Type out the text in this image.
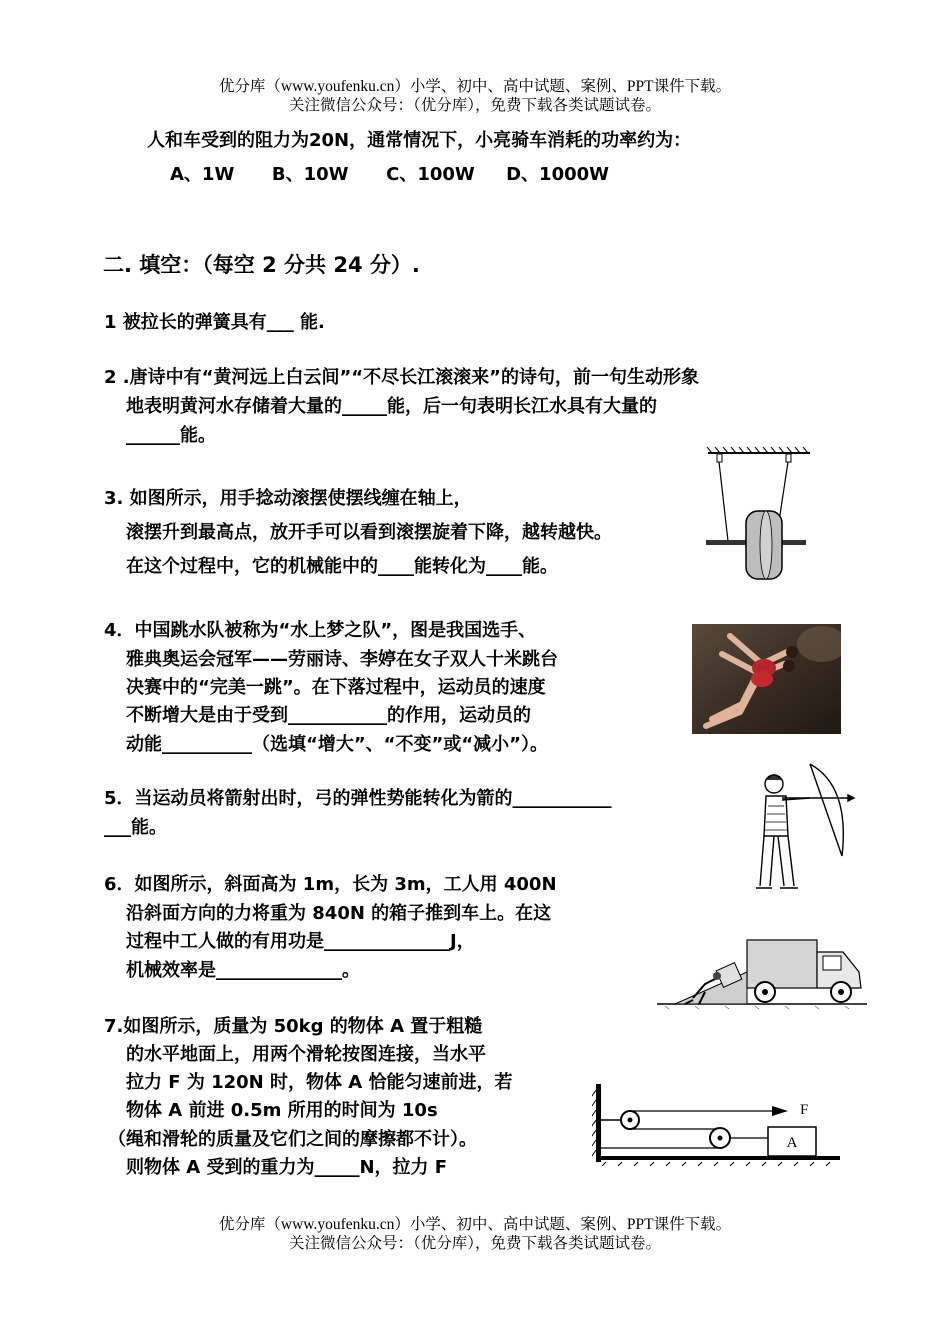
优分库（www.youfenku.cn）小学、初中、高中试题、案例、PPT课件下载。
关注微信公众号：（优分库），免费下载各类试题试卷。
人和车受到的阻力为20N，通常情况下，小亮骑车消耗的功率约为：
A、1W      B、10W      C、100W     D、1000W
二. 填空：（每空 2 分共 24 分）.
1 被拉长的弹簧具有___ 能.
2 .唐诗中有“黄河远上白云间”“不尽长江滚滚来”的诗句，前一句生动形象
地表明黄河水存储着大量的_____能，后一句表明长江水具有大量的
______能。
3. 如图所示，用手捻动滚摆使摆线缠在轴上，
滚摆升到最高点，放开手可以看到滚摆旋着下降，越转越快。
在这个过程中，它的机械能中的____能转化为____能。
4．中国跳水队被称为“水上梦之队”，图是我国选手、
雅典奥运会冠军——劳丽诗、李婷在女子双人十米跳台
决赛中的“完美一跳”。在下落过程中，运动员的速度
不断增大是由于受到___________的作用，运动员的
动能__________（选填“增大”、“不变”或“减小”）。
5．当运动员将箭射出时，弓的弹性势能转化为箭的___________
___能。
6．如图所示，斜面高为 1m，长为 3m，工人用 400N
沿斜面方向的力将重为 840N 的箱子推到车上。在这
过程中工人做的有用功是______________J，
机械效率是______________。
7.如图所示，质量为 50kg 的物体 A 置于粗糙
的水平地面上，用两个滑轮按图连接，当水平
拉力 F 为 120N 时，物体 A 恰能匀速前进，若
物体 A 前进 0.5m 所用的时间为 10s
（绳和滑轮的质量及它们之间的摩擦都不计）。
则物体 A 受到的重力为_____N，拉力 F
A
F
优分库（www.youfenku.cn）小学、初中、高中试题、案例、PPT课件下载。
关注微信公众号：（优分库），免费下载各类试题试卷。
